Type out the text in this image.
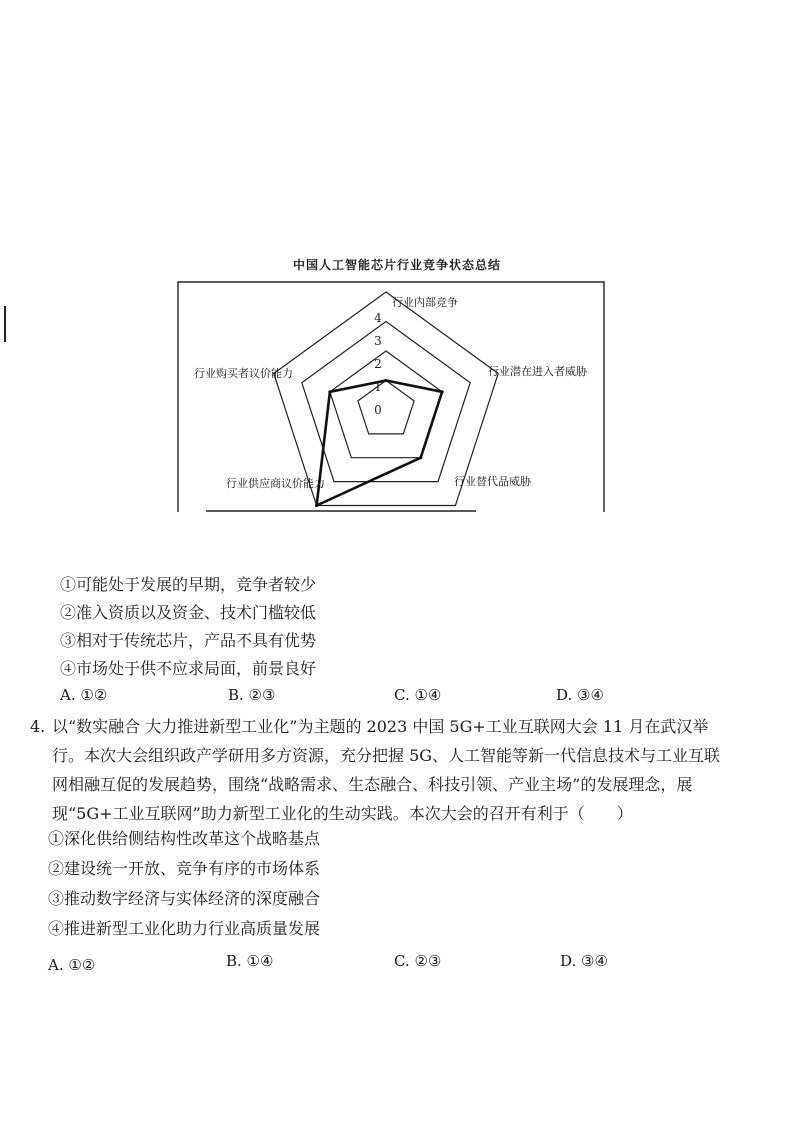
中国人工智能芯片行业竞争状态总结
0
1
2
3
4
行业内部竞争
行业潜在进入者威胁
行业替代品威胁
行业供应商议价能力
行业购买者议价能力
①可能处于发展的早期，竞争者较少
②准入资质以及资金、技术门槛较低
③相对于传统芯片，产品不具有优势
④市场处于供不应求局面，前景良好
A. ①②	B. ②③	C. ①④	D. ③④
4. 以“数实融合 大力推进新型工业化”为主题的 2023 中国 5G+工业互联网大会 11 月在武汉举行。本次大会组织政产学研用多方资源，充分把握 5G、人工智能等新一代信息技术与工业互联网相融互促的发展趋势，围绕“战略需求、生态融合、科技引领、产业主场”的发展理念，展现“5G+工业互联网”助力新型工业化的生动实践。本次大会的召开有利于（　　）
①深化供给侧结构性改革这个战略基点
②建设统一开放、竞争有序的市场体系
③推动数字经济与实体经济的深度融合
④推进新型工业化助力行业高质量发展
A. ①②	B. ①④	C. ②③	D. ③④
